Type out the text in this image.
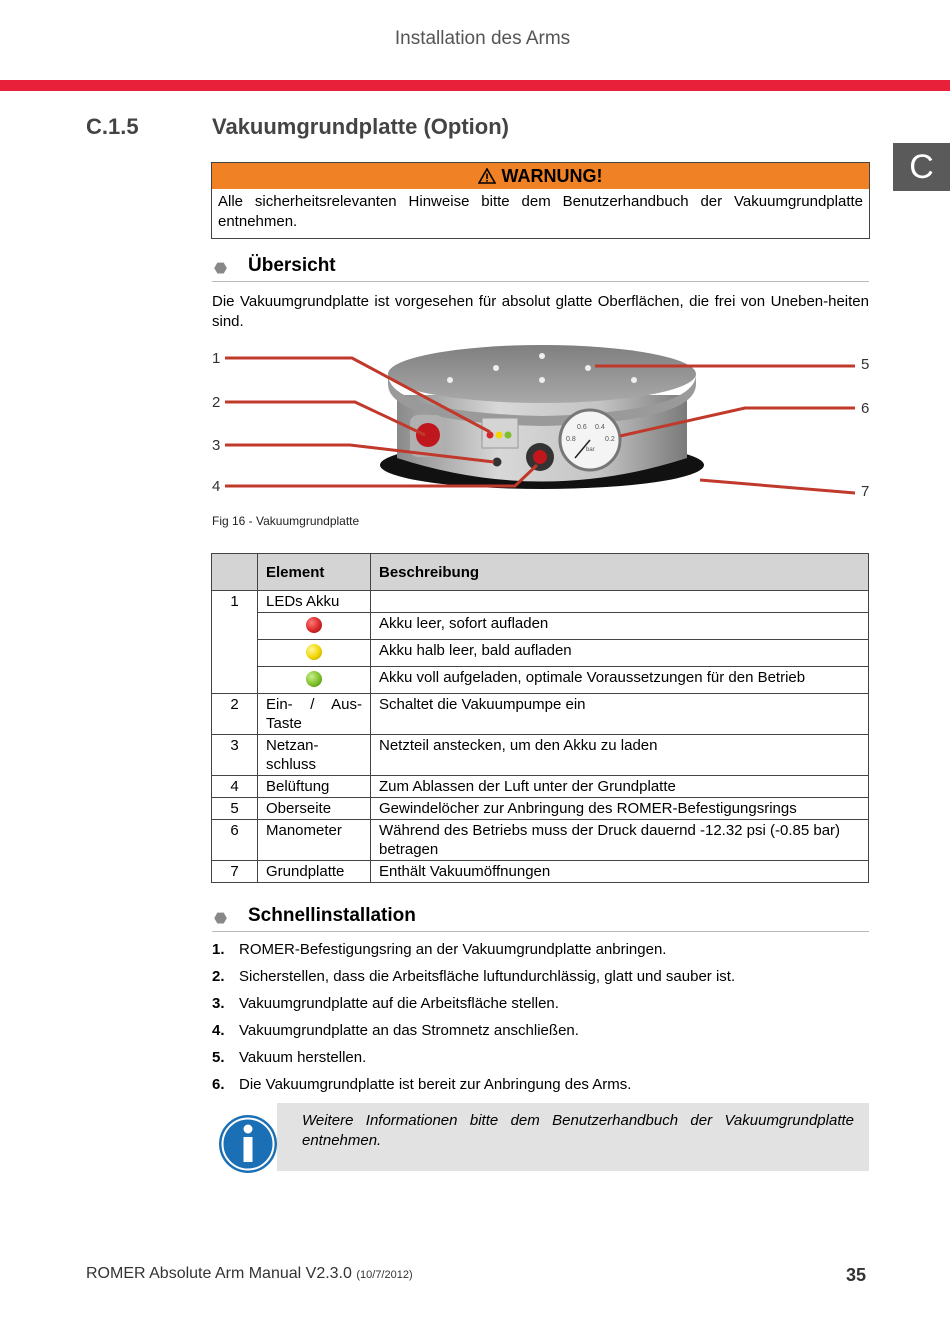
Installation des Arms
C.1.5	Vakuumgrundplatte (Option)
C
WARNUNG!
Alle sicherheitsrelevanten Hinweise bitte dem Benutzerhandbuch der Vakuumgrundplatte entnehmen.
⬣ Übersicht
Die Vakuumgrundplatte ist vorgesehen für absolut glatte Oberflächen, die frei von Uneben-heiten sind.
0.6 0.4
0.8	0.2
bar
1
2
3
4
5
6
7
Fig 16 - Vakuumgrundplatte
	Element	Beschreibung
1	LEDs Akku	

		Akku leer, sofort aufladen

		Akku halb leer, bald aufladen

		Akku voll aufgeladen, optimale Voraussetzungen für den Betrieb
2	Ein- / Aus-Taste	Schaltet die Vakuumpumpe ein
3	Netzan-schluss	Netzteil anstecken, um den Akku zu laden
4	Belüftung	Zum Ablassen der Luft unter der Grundplatte
5	Oberseite	Gewindelöcher zur Anbringung des ROMER-Befestigungsrings
6	Manometer	Während des Betriebs muss der Druck dauernd -12.32 psi (-0.85 bar) betragen
7	Grundplatte	Enthält Vakuumöffnungen
⬣ Schnellinstallation
1. ROMER-Befestigungsring an der Vakuumgrundplatte anbringen.
2. Sicherstellen, dass die Arbeitsfläche luftundurchlässig, glatt und sauber ist.
3. Vakuumgrundplatte auf die Arbeitsfläche stellen.
4. Vakuumgrundplatte an das Stromnetz anschließen.
5. Vakuum herstellen.
6. Die Vakuumgrundplatte ist bereit zur Anbringung des Arms.
Weitere Informationen bitte dem Benutzerhandbuch der Vakuumgrundplatte entnehmen.
ROMER Absolute Arm Manual V2.3.0 (10/7/2012)	35
